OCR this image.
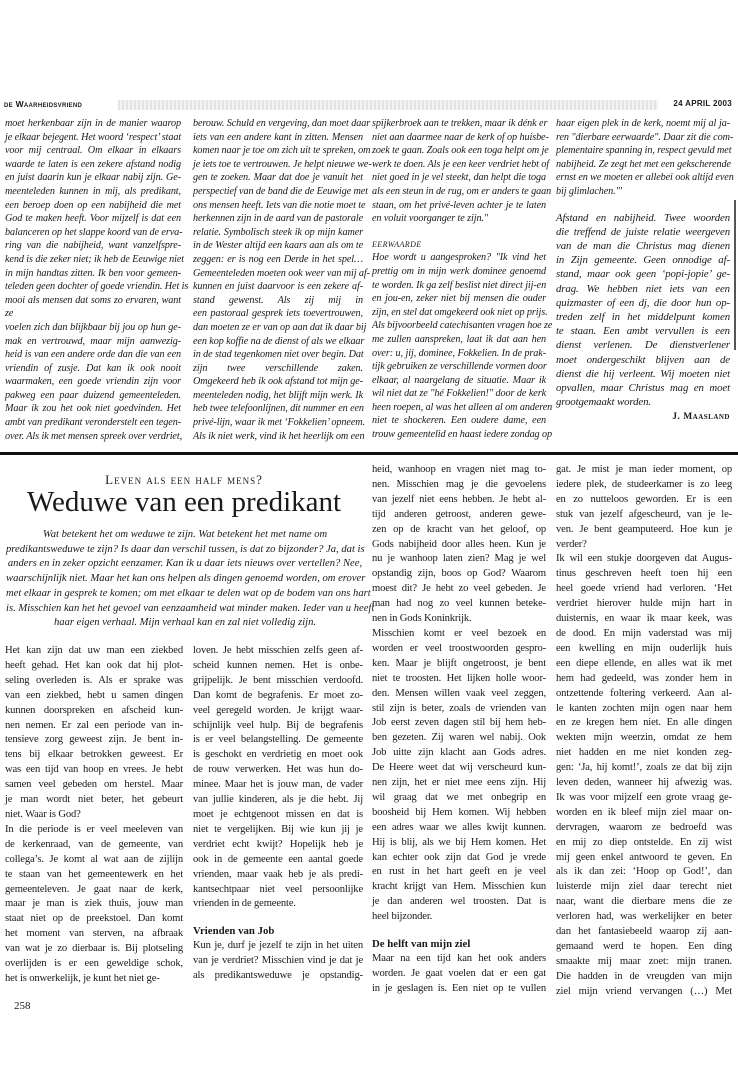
de Waarheidsvriend	24 APRIL 2003
moet herkenbaar zijn in de manier waarop
je elkaar bejegent. Het woord ‘respect’ staat
voor mij centraal. Om elkaar in elkaars
waarde te laten is een zekere afstand nodig
en juist daarin kun je elkaar nabij zijn. Ge-
meenteleden kunnen in mij, als predikant,
een beroep doen op een nabijheid die met
God te maken heeft. Voor mijzelf is dat een
balanceren op het slappe koord van de erva-
ring van die nabijheid, want vanzelfspre-
kend is die zeker niet; ik heb de Eeuwige niet
in mijn handtas zitten. Ik ben voor gemeen-
teleden geen dochter of goede vriendin. Het is
mooi als mensen dat soms zo ervaren, want
ze
voelen zich dan blijkbaar bij jou op hun ge-
mak en vertrouwd, maar mijn aanwezig-
heid is van een andere orde dan die van een
vriendin of zusje. Dat kan ik ook nooit
waarmaken, een goede vriendin zijn voor
pakweg een paar duizend gemeenteleden.
Maar ik zou het ook niet goedvinden. Het
ambt van predikant veronderstelt een tegen-
over. Als ik met mensen spreek over verdriet,
berouw. Schuld en vergeving, dan moet daar
iets van een andere kant in zitten. Mensen
komen naar je toe om zich uit te spreken, om
je iets toe te vertrouwen. Je helpt nieuwe we-
gen te zoeken. Maar dat doe je vanuit het
perspectief van de band die de Eeuwige met
ons mensen heeft. Iets van die notie moet te
herkennen zijn in de aard van de pastorale
relatie. Symbolisch steek ik op mijn kamer
in de Wester altijd een kaars aan als om te
zeggen: er is nog een Derde in het spel…
Gemeenteleden moeten ook weer van mij af-
kunnen en juist daarvoor is een zekere af-
stand gewenst. Als zij mij in
een pastoraal gesprek iets toevertrouwen,
dan moeten ze er van op aan dat ik daar bij
een kop koffie na de dienst of als we elkaar
in de stad tegenkomen niet over begin. Dat
zijn twee verschillende zaken.
Omgekeerd heb ik ook afstand tot mijn ge-
meenteleden nodig, het blijft mijn werk. Ik
heb twee telefoonlijnen, dit nummer en een
privé-lijn, waar ik met ‘Fokkelien’ opneem.
Als ik niet werk, vind ik het heerlijk om een
spijkerbroek aan te trekken, maar ik dénk er
niet aan daarmee naar de kerk of op huisbe-
zoek te gaan. Zoals ook een toga helpt om je
werk te doen. Als je een keer verdriet hebt of
niet goed in je vel steekt, dan helpt die toga
als een steun in de rug, om er anders te gaan
staan, om het privé-leven achter je te laten
en voluit voorganger te zijn."
EERWAARDE
Hoe wordt u aangesproken? "Ik vind het
prettig om in mijn werk dominee genoemd
te worden. Ik ga zelf beslist niet direct jij-en
en jou-en, zeker niet bij mensen die ouder
zijn, en stel dat omgekeerd ook niet op prijs.
Als bijvoorbeeld catechisanten vragen hoe ze
me zullen aanspreken, laat ik dat aan hen
over: u, jij, dominee, Fokkelien. In de prak-
tijk gebruiken ze verschillende vormen door
elkaar, al naargelang de situatie. Maar ik
wil niet dat ze "hé Fokkelien!" door de kerk
heen roepen, al was het alleen al om anderen
niet te shockeren. Een oudere dame, een
trouw gemeentelid en haast iedere zondag op
haar eigen plek in de kerk, noemt mij al ja-
ren "dierbare eerwaarde". Daar zit die com-
plementaire spanning in, respect gevuld met
nabijheid. Ze zegt het met een gekscherende
ernst en we moeten er allebei ook altijd even
bij glimlachen."'
Afstand en nabijheid. Twee woorden
die treffend de juiste relatie weergeven
van de man die Christus mag dienen
in Zijn gemeente. Geen onnodige af-
stand, maar ook geen ‘popi-jopie’ ge-
drag. We hebben niet iets van een
quizmaster of een dj, die door hun op-
treden zelf in het middelpunt komen
te staan. Een ambt vervullen is een
dienst verlenen. De dienstverlener
moet ondergeschikt blijven aan de
dienst die hij verleent. Wij moeten niet
opvallen, maar Christus mag en moet
grootgemaakt worden.
J. Maasland
Leven als een half mens?
Weduwe van een predikant
Wat betekent het om weduwe te zijn. Wat betekent het met name om
predikantsweduwe te zijn? Is daar dan verschil tussen, is dat zo bijzonder? Ja, dat is
anders en in zeker opzicht eenzamer. Kan ik u daar iets nieuws over vertellen? Nee,
waarschijnlijk niet. Maar het kan ons helpen als dingen genoemd worden, om erover
met elkaar in gesprek te komen; om met elkaar te delen wat op de bodem van ons hart
is. Misschien kan het het gevoel van eenzaamheid wat minder maken. Ieder van u heeft
haar eigen verhaal. Mijn verhaal kan en zal niet volledig zijn.
Het kan zijn dat uw man een ziekbed
heeft gehad. Het kan ook dat hij plot-
seling overleden is. Als er sprake was
van een ziekbed, hebt u samen dingen
kunnen doorspreken en afscheid kun-
nen nemen. Er zal een periode van in-
tensieve zorg geweest zijn. Je bent in-
tens bij elkaar betrokken geweest. Er
was een tijd van hoop en vrees. Je hebt
samen veel gebeden om herstel. Maar
je man wordt niet beter, het gebeurt
niet. Waar is God?
In die periode is er veel meeleven van
de kerkenraad, van de gemeente, van
collega’s. Je komt al wat aan de zijlijn
te staan van het gemeentewerk en het
gemeenteleven. Je gaat naar de kerk,
maar je man is ziek thuis, jouw man
staat niet op de preekstoel. Dan komt
het moment van sterven, na afbraak
van wat je zo dierbaar is. Bij plotseling
overlijden is er een geweldige schok,
het is onwerkelijk, je kunt het niet ge-
loven. Je hebt misschien zelfs geen af-
scheid kunnen nemen. Het is onbe-
grijpelijk. Je bent misschien verdoofd.
Dan komt de begrafenis. Er moet zo-
veel geregeld worden. Je krijgt waar-
schijnlijk veel hulp. Bij de begrafenis
is er veel belangstelling. De gemeente
is geschokt en verdrietig en moet ook
de rouw verwerken. Het was hun do-
minee. Maar het is jouw man, de vader
van jullie kinderen, als je die hebt. Jij
moet je echtgenoot missen en dat is
niet te vergelijken. Bij wie kun jij je
verdriet echt kwijt? Hopelijk heb je
ook in de gemeente een aantal goede
vrienden, maar vaak heb je als predi-
kantsechtpaar niet veel persoonlijke
vrienden in de gemeente.
Vrienden van Job
Kun je, durf je jezelf te zijn in het uiten
van je verdriet? Misschien vind je dat je
als predikantsweduwe je opstandig-
heid, wanhoop en vragen niet mag to-
nen. Misschien mag je die gevoelens
van jezelf niet eens hebben. Je hebt al-
tijd anderen getroost, anderen gewe-
zen op de kracht van het geloof, op
Gods nabijheid door alles heen. Kun je
nu je wanhoop laten zien? Mag je wel
opstandig zijn, boos op God? Waarom
moest dit? Je hebt zo veel gebeden. Je
man had nog zo veel kunnen beteke-
nen in Gods Koninkrijk.
Misschien komt er veel bezoek en
worden er veel troostwoorden gespro-
ken. Maar je blijft ongetroost, je bent
niet te troosten. Het lijken holle woor-
den. Mensen willen vaak veel zeggen,
stil zijn is beter, zoals de vrienden van
Job eerst zeven dagen stil bij hem heb-
ben gezeten. Zij waren wel nabij. Ook
Job uitte zijn klacht aan Gods adres.
De Heere weet dat wij verscheurd kun-
nen zijn, het er niet mee eens zijn. Hij
wil graag dat we met onbegrip en
boosheid bij Hem komen. Wij hebben
een adres waar we alles kwijt kunnen.
Hij is blij, als we bij Hem komen. Het
kan echter ook zijn dat God je vrede
en rust in het hart geeft en je veel
kracht krijgt van Hem. Misschien kun
je dan anderen wel troosten. Dat is
heel bijzonder.
De helft van mijn ziel
Maar na een tijd kan het ook anders
worden. Je gaat voelen dat er een gat
in je geslagen is. Een niet op te vullen
gat. Je mist je man ieder moment, op
iedere plek, de studeerkamer is zo leeg
en zo nutteloos geworden. Er is een
stuk van jezelf afgescheurd, van je le-
ven. Je bent geamputeerd. Hoe kun je
verder?
Ik wil een stukje doorgeven dat Augus-
tinus geschreven heeft toen hij een
heel goede vriend had verloren. ‘Het
verdriet hierover hulde mijn hart in
duisternis, en waar ik maar keek, was
de dood. En mijn vaderstad was mij
een kwelling en mijn ouderlijk huis
een diepe ellende, en alles wat ik met
hem had gedeeld, was zonder hem in
ontzettende foltering verkeerd. Aan al-
le kanten zochten mijn ogen naar hem
en ze kregen hem niet. En alle dingen
wekten mijn weerzin, omdat ze hem
niet hadden en me niet konden zeg-
gen: ‘Ja, hij komt!’, zoals ze dat bij zijn
leven deden, wanneer hij afwezig was.
Ik was voor mijzelf een grote vraag ge-
worden en ik bleef mijn ziel maar on-
dervragen, waarom ze bedroefd was
en mij zo diep ontstelde. En zij wist
mij geen enkel antwoord te geven. En
als ik dan zei: ‘Hoop op God!’, dan
luisterde mijn ziel daar terecht niet
naar, want die dierbare mens die ze
verloren had, was werkelijker en beter
dan het fantasiebeeld waarop zij aan-
gemaand werd te hopen. Een ding
smaakte mij maar zoet: mijn tranen.
Die hadden in de vreugden van mijn
ziel mijn vriend vervangen (…) Met
258
